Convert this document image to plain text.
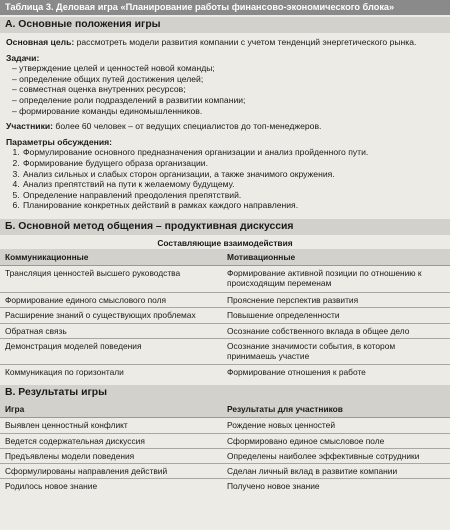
Таблица 3. Деловая игра «Планирование работы финансово-экономического блока»
А. Основные положения игры

Основная цель: рассмотреть модели развития компании с учетом тенденций энергетического рынка.

Задачи:

– утверждение целей и ценностей новой команды;
– определение общих путей достижения целей;
– совместная оценка внутренних ресурсов;
– определение роли подразделений в развитии компании;
– формирование команды единомышленников.

Участники: более 60 человек – от ведущих специалистов до топ-менеджеров.

Параметры обсуждения:

1. Формулирование основного предназначения организации и анализ пройденного пути.
2. Формирование будущего образа организации.
3. Анализ сильных и слабых сторон организации, а также значимого окружения.
4. Анализ препятствий на пути к желаемому будущему.
5. Определение направлений преодоления препятствий.
6. Планирование конкретных действий в рамках каждого направления.
Б. Основной метод общения – продуктивная дискуссия
Составляющие взаимодействия
Коммуникационные	Мотивационные
Трансляция ценностей высшего руководства	Формирование активной позиции по отношению к происходящим переменам
Формирование единого смыслового поля	Прояснение перспектив развития
Расширение знаний о существующих проблемах	Повышение определенности
Обратная связь	Осознание собственного вклада в общее дело
Демонстрация моделей поведения	Осознание значимости события, в котором принимаешь участие
Коммуникация по горизонтали	Формирование отношения к работе
В. Результаты игры
Игра	Результаты для участников
Выявлен ценностный конфликт	Рождение новых ценностей
Ведется содержательная дискуссия	Сформировано единое смысловое поле
Предъявлены модели поведения	Определены наиболее эффективные сотрудники
Сформулированы направления действий	Сделан личный вклад в развитие компании
Родилось новое знание	Получено новое знание
